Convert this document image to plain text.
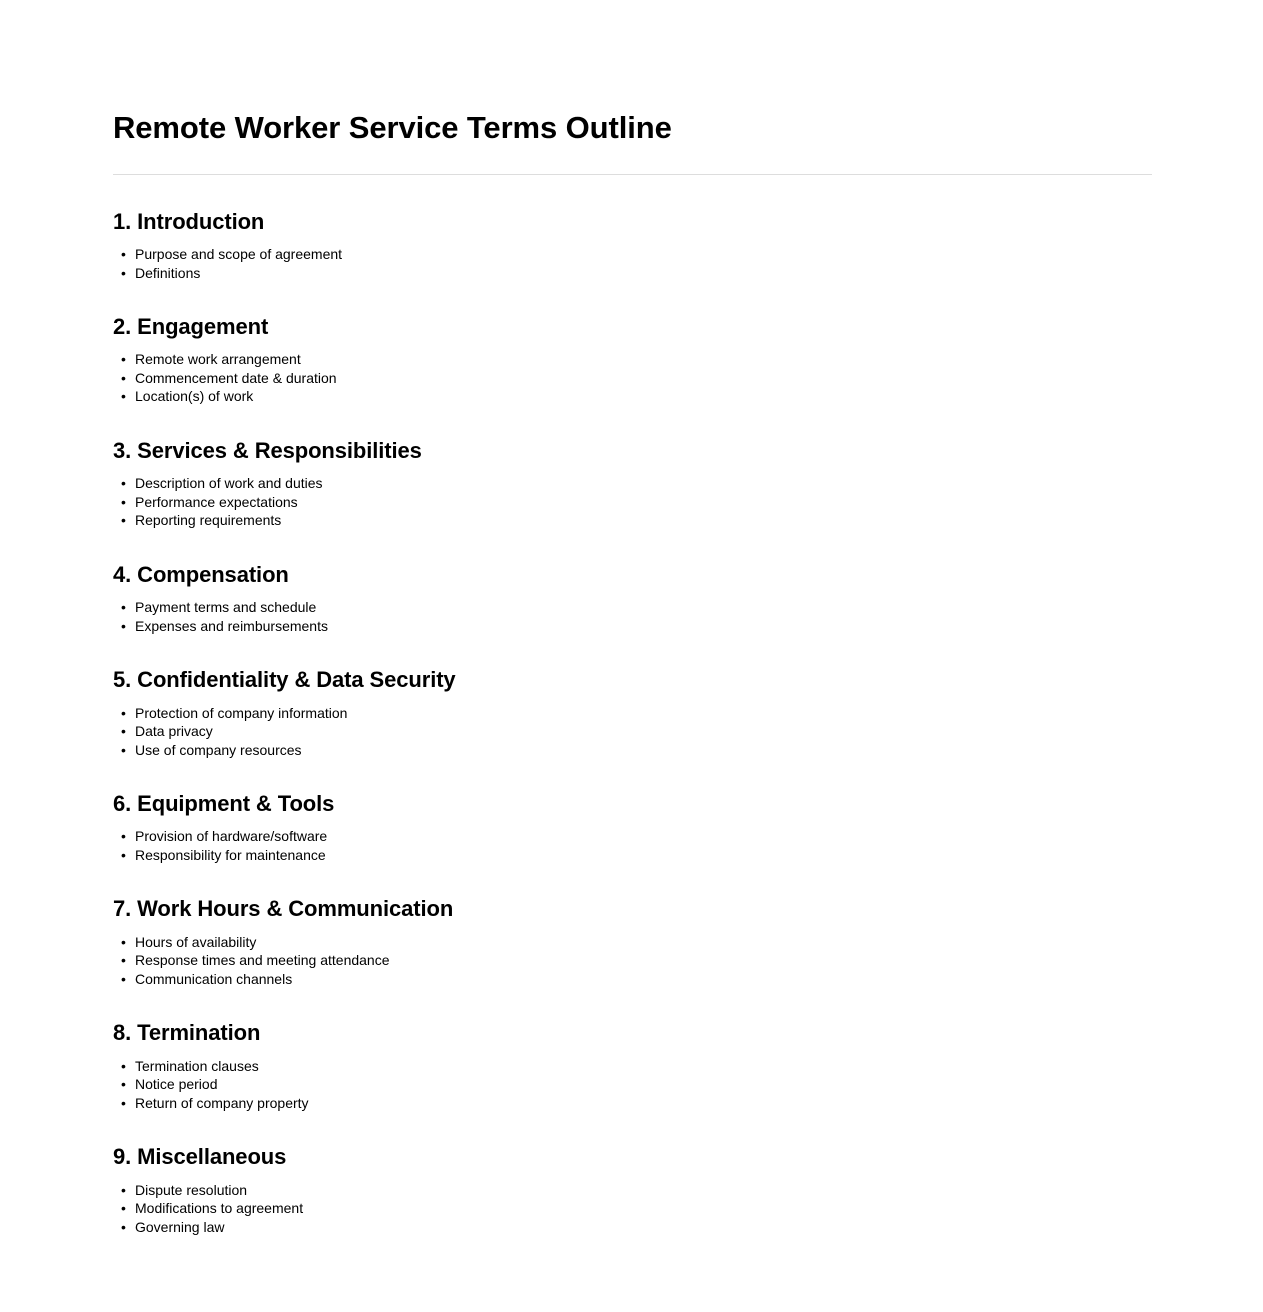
Remote Worker Service Terms Outline
1. Introduction
• Purpose and scope of agreement
• Definitions
2. Engagement
• Remote work arrangement
• Commencement date & duration
• Location(s) of work
3. Services & Responsibilities
• Description of work and duties
• Performance expectations
• Reporting requirements
4. Compensation
• Payment terms and schedule
• Expenses and reimbursements
5. Confidentiality & Data Security
• Protection of company information
• Data privacy
• Use of company resources
6. Equipment & Tools
• Provision of hardware/software
• Responsibility for maintenance
7. Work Hours & Communication
• Hours of availability
• Response times and meeting attendance
• Communication channels
8. Termination
• Termination clauses
• Notice period
• Return of company property
9. Miscellaneous
• Dispute resolution
• Modifications to agreement
• Governing law
